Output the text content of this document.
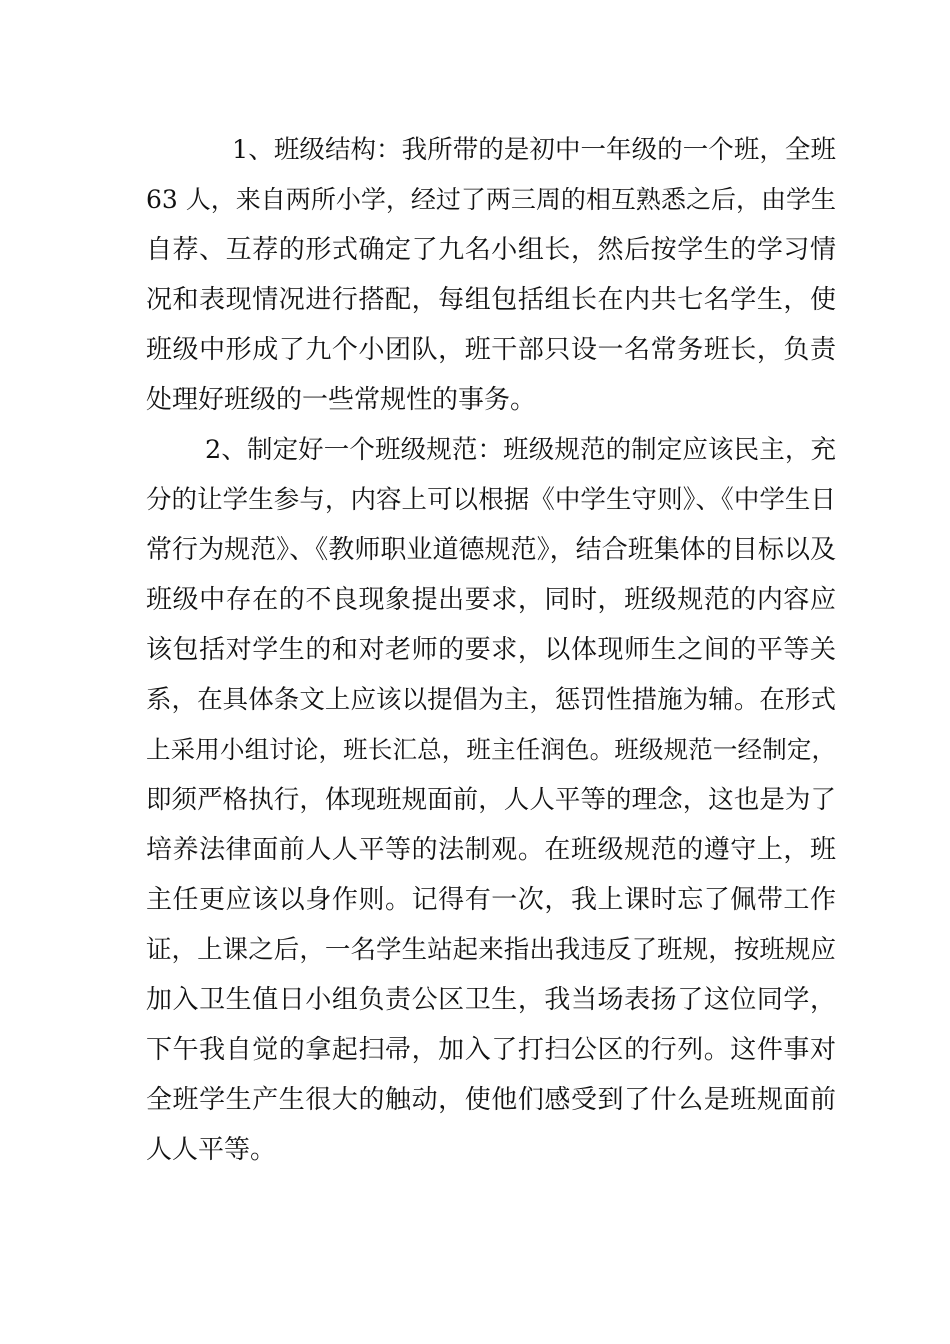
1、班级结构：我所带的是初中一年级的一个班，全班
63 人，来自两所小学，经过了两三周的相互熟悉之后，由学生
自荐、互荐的形式确定了九名小组长，然后按学生的学习情
况和表现情况进行搭配，每组包括组长在内共七名学生，使
班级中形成了九个小团队，班干部只设一名常务班长，负责
处理好班级的一些常规性的事务。
2、制定好一个班级规范：班级规范的制定应该民主，充
分的让学生参与，内容上可以根据《中学生守则》、《中学生日
常行为规范》、《教师职业道德规范》，结合班集体的目标以及
班级中存在的不良现象提出要求，同时，班级规范的内容应
该包括对学生的和对老师的要求，以体现师生之间的平等关
系，在具体条文上应该以提倡为主，惩罚性措施为辅。在形式
上采用小组讨论，班长汇总，班主任润色。班级规范一经制定，
即须严格执行，体现班规面前，人人平等的理念，这也是为了
培养法律面前人人平等的法制观。在班级规范的遵守上，班
主任更应该以身作则。记得有一次，我上课时忘了佩带工作
证，上课之后，一名学生站起来指出我违反了班规，按班规应
加入卫生值日小组负责公区卫生，我当场表扬了这位同学，
下午我自觉的拿起扫帚，加入了打扫公区的行列。这件事对
全班学生产生很大的触动，使他们感受到了什么是班规面前
人人平等。
